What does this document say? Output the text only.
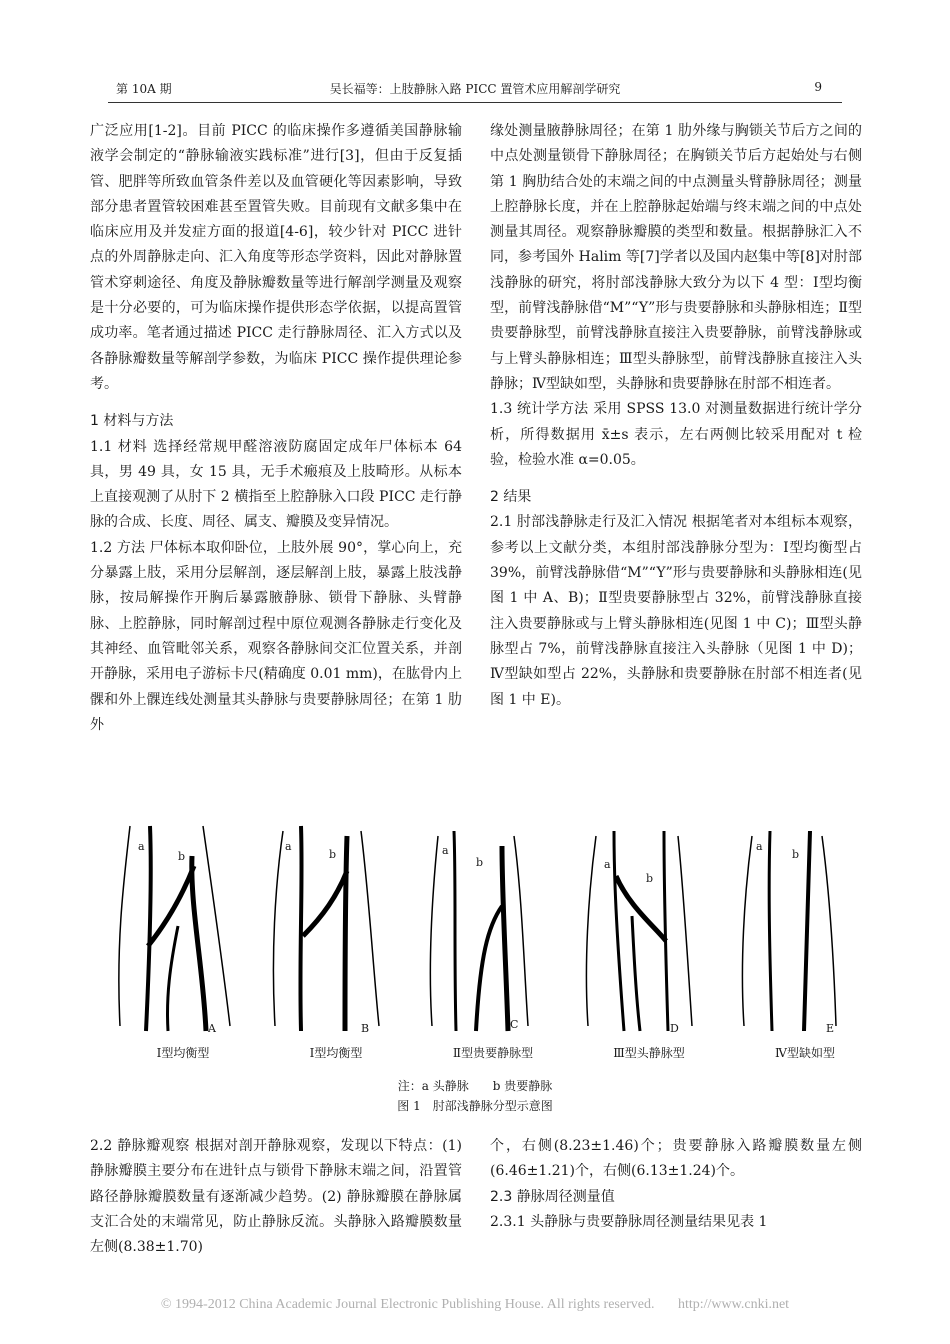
第 10A 期	吴长福等：上肢静脉入路 PICC 置管术应用解剖学研究	9

广泛应用[1-2]。目前 PICC 的临床操作多遵循美国静脉输液学会制定的“静脉输液实践标准”进行[3]，但由于反复插管、肥胖等所致血管条件差以及血管硬化等因素影响，导致部分患者置管较困难甚至置管失败。目前现有文献多集中在临床应用及并发症方面的报道[4-6]，较少针对 PICC 进针点的外周静脉走向、汇入角度等形态学资料，因此对静脉置管术穿刺途径、角度及静脉瓣数量等进行解剖学测量及观察是十分必要的，可为临床操作提供形态学依据，以提高置管成功率。笔者通过描述 PICC 走行静脉周径、汇入方式以及各静脉瓣数量等解剖学参数，为临床 PICC 操作提供理论参考。

1 材料与方法

1.1 材料 选择经常规甲醛溶液防腐固定成年尸体标本 64 具，男 49 具，女 15 具，无手术瘢痕及上肢畸形。从标本上直接观测了从肘下 2 横指至上腔静脉入口段 PICC 走行静脉的合成、长度、周径、属支、瓣膜及变异情况。

1.2 方法 尸体标本取仰卧位，上肢外展 90°，掌心向上，充分暴露上肢，采用分层解剖，逐层解剖上肢，暴露上肢浅静脉，按局解操作开胸后暴露腋静脉、锁骨下静脉、头臂静脉、上腔静脉，同时解剖过程中原位观测各静脉走行变化及其神经、血管毗邻关系，观察各静脉间交汇位置关系，并剖开静脉，采用电子游标卡尺(精确度 0.01 mm)，在肱骨内上髁和外上髁连线处测量其头静脉与贵要静脉周径；在第 1 肋外

缘处测量腋静脉周径；在第 1 肋外缘与胸锁关节后方之间的中点处测量锁骨下静脉周径；在胸锁关节后方起始处与右侧第 1 胸肋结合处的末端之间的中点测量头臂静脉周径；测量上腔静脉长度，并在上腔静脉起始端与终末端之间的中点处测量其周径。观察静脉瓣膜的类型和数量。根据静脉汇入不同，参考国外 Halim 等[7]学者以及国内赵集中等[8]对肘部浅静脉的研究，将肘部浅静脉大致分为以下 4 型：Ⅰ型均衡型，前臂浅静脉借“M”“Y”形与贵要静脉和头静脉相连；Ⅱ型贵要静脉型，前臂浅静脉直接注入贵要静脉，前臂浅静脉或与上臂头静脉相连；Ⅲ型头静脉型，前臂浅静脉直接注入头静脉；Ⅳ型缺如型，头静脉和贵要静脉在肘部不相连者。

1.3 统计学方法 采用 SPSS 13.0 对测量数据进行统计学分析，所得数据用 x̄±s 表示，左右两侧比较采用配对 t 检验，检验水准 α=0.05。

2 结果

2.1 肘部浅静脉走行及汇入情况 根据笔者对本组标本观察，参考以上文献分类，本组肘部浅静脉分型为：Ⅰ型均衡型占 39%，前臂浅静脉借“M”“Y”形与贵要静脉和头静脉相连(见图 1 中 A、B)；Ⅱ型贵要静脉型占 32%，前臂浅静脉直接注入贵要静脉或与上臂头静脉相连(见图 1 中 C)；Ⅲ型头静脉型占 7%，前臂浅静脉直接注入头静脉（见图 1 中 D)；Ⅳ型缺如型占 22%，头静脉和贵要静脉在肘部不相连者(见图 1 中 E)。

a
b
A
Ⅰ型均衡型
a
b
B
Ⅰ型均衡型
a
b
C
Ⅱ型贵要静脉型
a
b
D
Ⅲ型头静脉型
a
b
E
Ⅳ型缺如型
注：a 头静脉　　b 贵要静脉
图 1　肘部浅静脉分型示意图

2.2 静脉瓣观察 根据对剖开静脉观察，发现以下特点：(1)静脉瓣膜主要分布在进针点与锁骨下静脉末端之间，沿置管路径静脉瓣膜数量有逐渐减少趋势。(2) 静脉瓣膜在静脉属支汇合处的末端常见，防止静脉反流。头静脉入路瓣膜数量左侧(8.38±1.70)

个，右侧(8.23±1.46)个；贵要静脉入路瓣膜数量左侧(6.46±1.21)个，右侧(6.13±1.24)个。

2.3 静脉周径测量值

2.3.1 头静脉与贵要静脉周径测量结果见表 1

© 1994-2012 China Academic Journal Electronic Publishing House. All rights reserved. http://www.cnki.net
